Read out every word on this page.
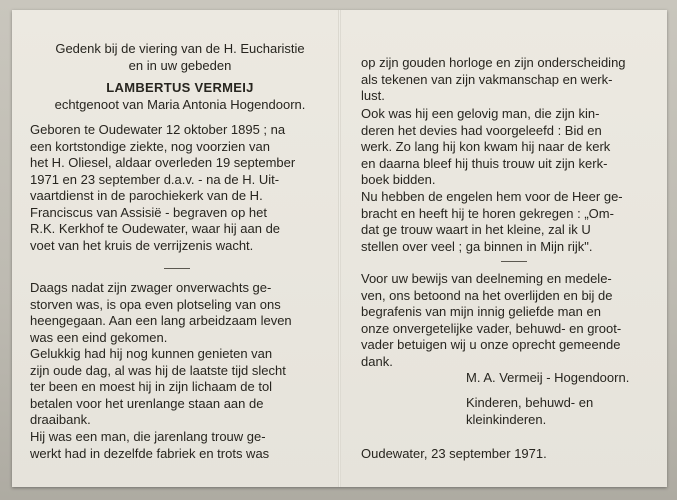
Gedenk bij de viering van de H. Eucharistie
en in uw gebeden

LAMBERTUS VERMEIJ

echtgenoot van Maria Antonia Hogendoorn.

Geboren te Oudewater 12 oktober 1895 ; na
een kortstondige ziekte, nog voorzien van
het H. Oliesel, aldaar overleden 19 september
1971 en 23 september d.a.v. - na de H. Uit-
vaartdienst in de parochiekerk van de H.
Franciscus van Assisië - begraven op het
R.K. Kerkhof te Oudewater, waar hij aan de
voet van het kruis de verrijzenis wacht.

Daags nadat zijn zwager onverwachts ge-
storven was, is opa even plotseling van ons
heengegaan. Aan een lang arbeidzaam leven
was een eind gekomen.

Gelukkig had hij nog kunnen genieten van
zijn oude dag, al was hij de laatste tijd slecht
ter been en moest hij in zijn lichaam de tol
betalen voor het urenlange staan aan de
draaibank.

Hij was een man, die jarenlang trouw ge-
werkt had in dezelfde fabriek en trots was

op zijn gouden horloge en zijn onderscheiding
als tekenen van zijn vakmanschap en werk-
lust.

Ook was hij een gelovig man, die zijn kin-
deren het devies had voorgeleefd : Bid en
werk. Zo lang hij kon kwam hij naar de kerk
en daarna bleef hij thuis trouw uit zijn kerk-
boek bidden.

Nu hebben de engelen hem voor de Heer ge-
bracht en heeft hij te horen gekregen : „Om-
dat ge trouw waart in het kleine, zal ik U
stellen over veel ; ga binnen in Mijn rijk".

Voor uw bewijs van deelneming en medele-
ven, ons betoond na het overlijden en bij de
begrafenis van mijn innig geliefde man en
onze onvergetelijke vader, behuwd- en groot-
vader betuigen wij u onze oprecht gemeende
dank.

M. A. Vermeij - Hogendoorn.

Kinderen, behuwd- en
kleinkinderen.

Oudewater, 23 september 1971.
